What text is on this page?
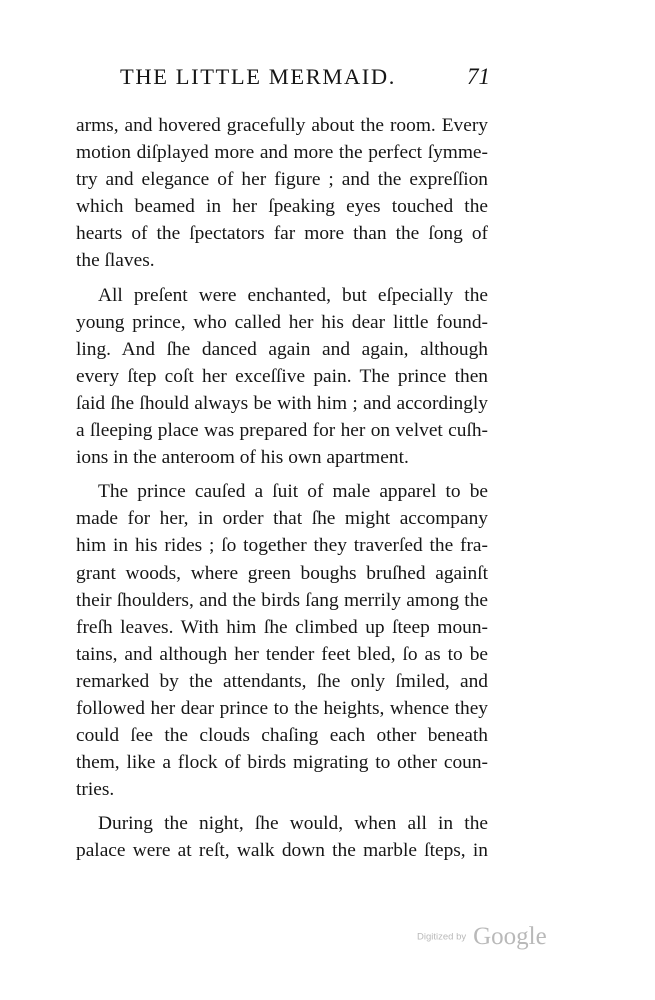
THE LITTLE MERMAID.	71
arms, and hovered gracefully about the room. Every
motion diſplayed more and more the perfect ſymme-
try and elegance of her figure ; and the expreſſion
which beamed in her ſpeaking eyes touched the
hearts of the ſpectators far more than the ſong of
the ſlaves.
All preſent were enchanted, but eſpecially the
young prince, who called her his dear little found-
ling. And ſhe danced again and again, although
every ſtep coſt her exceſſive pain. The prince then
ſaid ſhe ſhould always be with him ; and accordingly
a ſleeping place was prepared for her on velvet cuſh-
ions in the anteroom of his own apartment.
The prince cauſed a ſuit of male apparel to be
made for her, in order that ſhe might accompany
him in his rides ; ſo together they traverſed the fra-
grant woods, where green boughs bruſhed againſt
their ſhoulders, and the birds ſang merrily among the
freſh leaves. With him ſhe climbed up ſteep moun-
tains, and although her tender feet bled, ſo as to be
remarked by the attendants, ſhe only ſmiled, and
followed her dear prince to the heights, whence they
could ſee the clouds chaſing each other beneath
them, like a flock of birds migrating to other coun-
tries.
During the night, ſhe would, when all in the
palace were at reſt, walk down the marble ſteps, in
Digitized by Google
